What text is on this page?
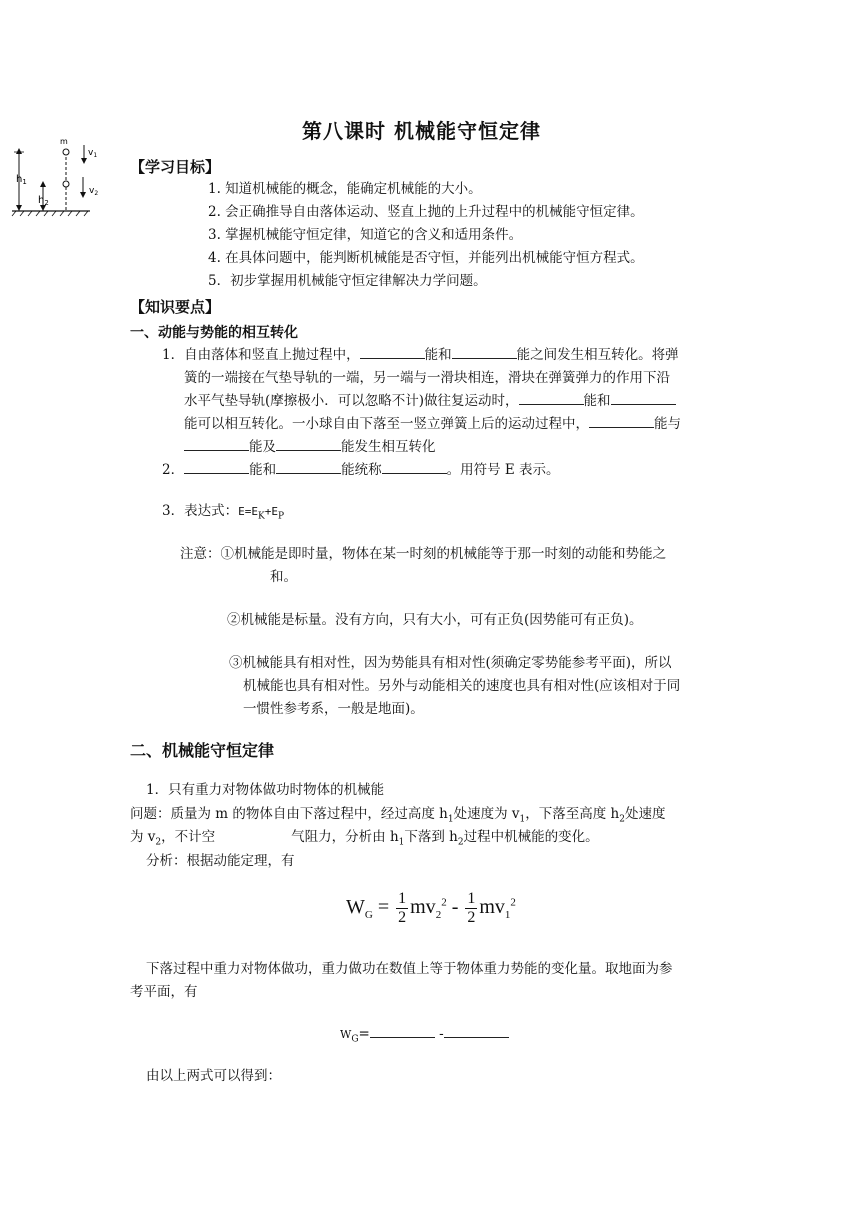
第八课时 机械能守恒定律
m
$v_1$
$v_2$
$h_1$
$h_2$
【学习目标】
1. 知道机械能的概念，能确定机械能的大小。
2. 会正确推导自由落体运动、竖直上抛的上升过程中的机械能守恒定律。
3. 掌握机械能守恒定律，知道它的含义和适用条件。
4. 在具体问题中，能判断机械能是否守恒，并能列出机械能守恒方程式。
5．初步掌握用机械能守恒定律解决力学问题。
【知识要点】
一、动能与势能的相互转化
1．自由落体和竖直上抛过程中，	能和	能之间发生相互转化。将弹
簧的一端接在气垫导轨的一端，另一端与一滑块相连，滑块在弹簧弹力的作用下沿
水平气垫导轨(摩擦极小．可以忽略不计)做往复运动时，	能和
能可以相互转化。一小球自由下落至一竖立弹簧上后的运动过程中，	能与
能及	能发生相互转化
2．	能和	能统称	。用符号 E 表示。
3．表达式：$E=E_K+E_P$
注意：①机械能是即时量，物体在某一时刻的机械能等于那一时刻的动能和势能之
和。
②机械能是标量。没有方向，只有大小，可有正负(因势能可有正负)。
③机械能具有相对性，因为势能具有相对性(须确定零势能参考平面)，所以
机械能也具有相对性。另外与动能相关的速度也具有相对性(应该相对于同
一惯性参考系，一般是地面)。
二、机械能守恒定律
1．只有重力对物体做功时物体的机械能
问题：质量为 m 的物体自由下落过程中，经过高度 $h_1$处速度为 $v_1$，下落至高度 $h_2$处速度
为 $v_2$，不计空	气阻力，分析由 $h_1$下落到 $h_2$过程中机械能的变化。
分析：根据动能定理，有
$W_G = \frac{1}{2} mv_2^2 - \frac{1}{2} mv_1^2$
下落过程中重力对物体做功，重力做功在数值上等于物体重力势能的变化量。取地面为参
考平面，有
$W_G=$	-
由以上两式可以得到：
